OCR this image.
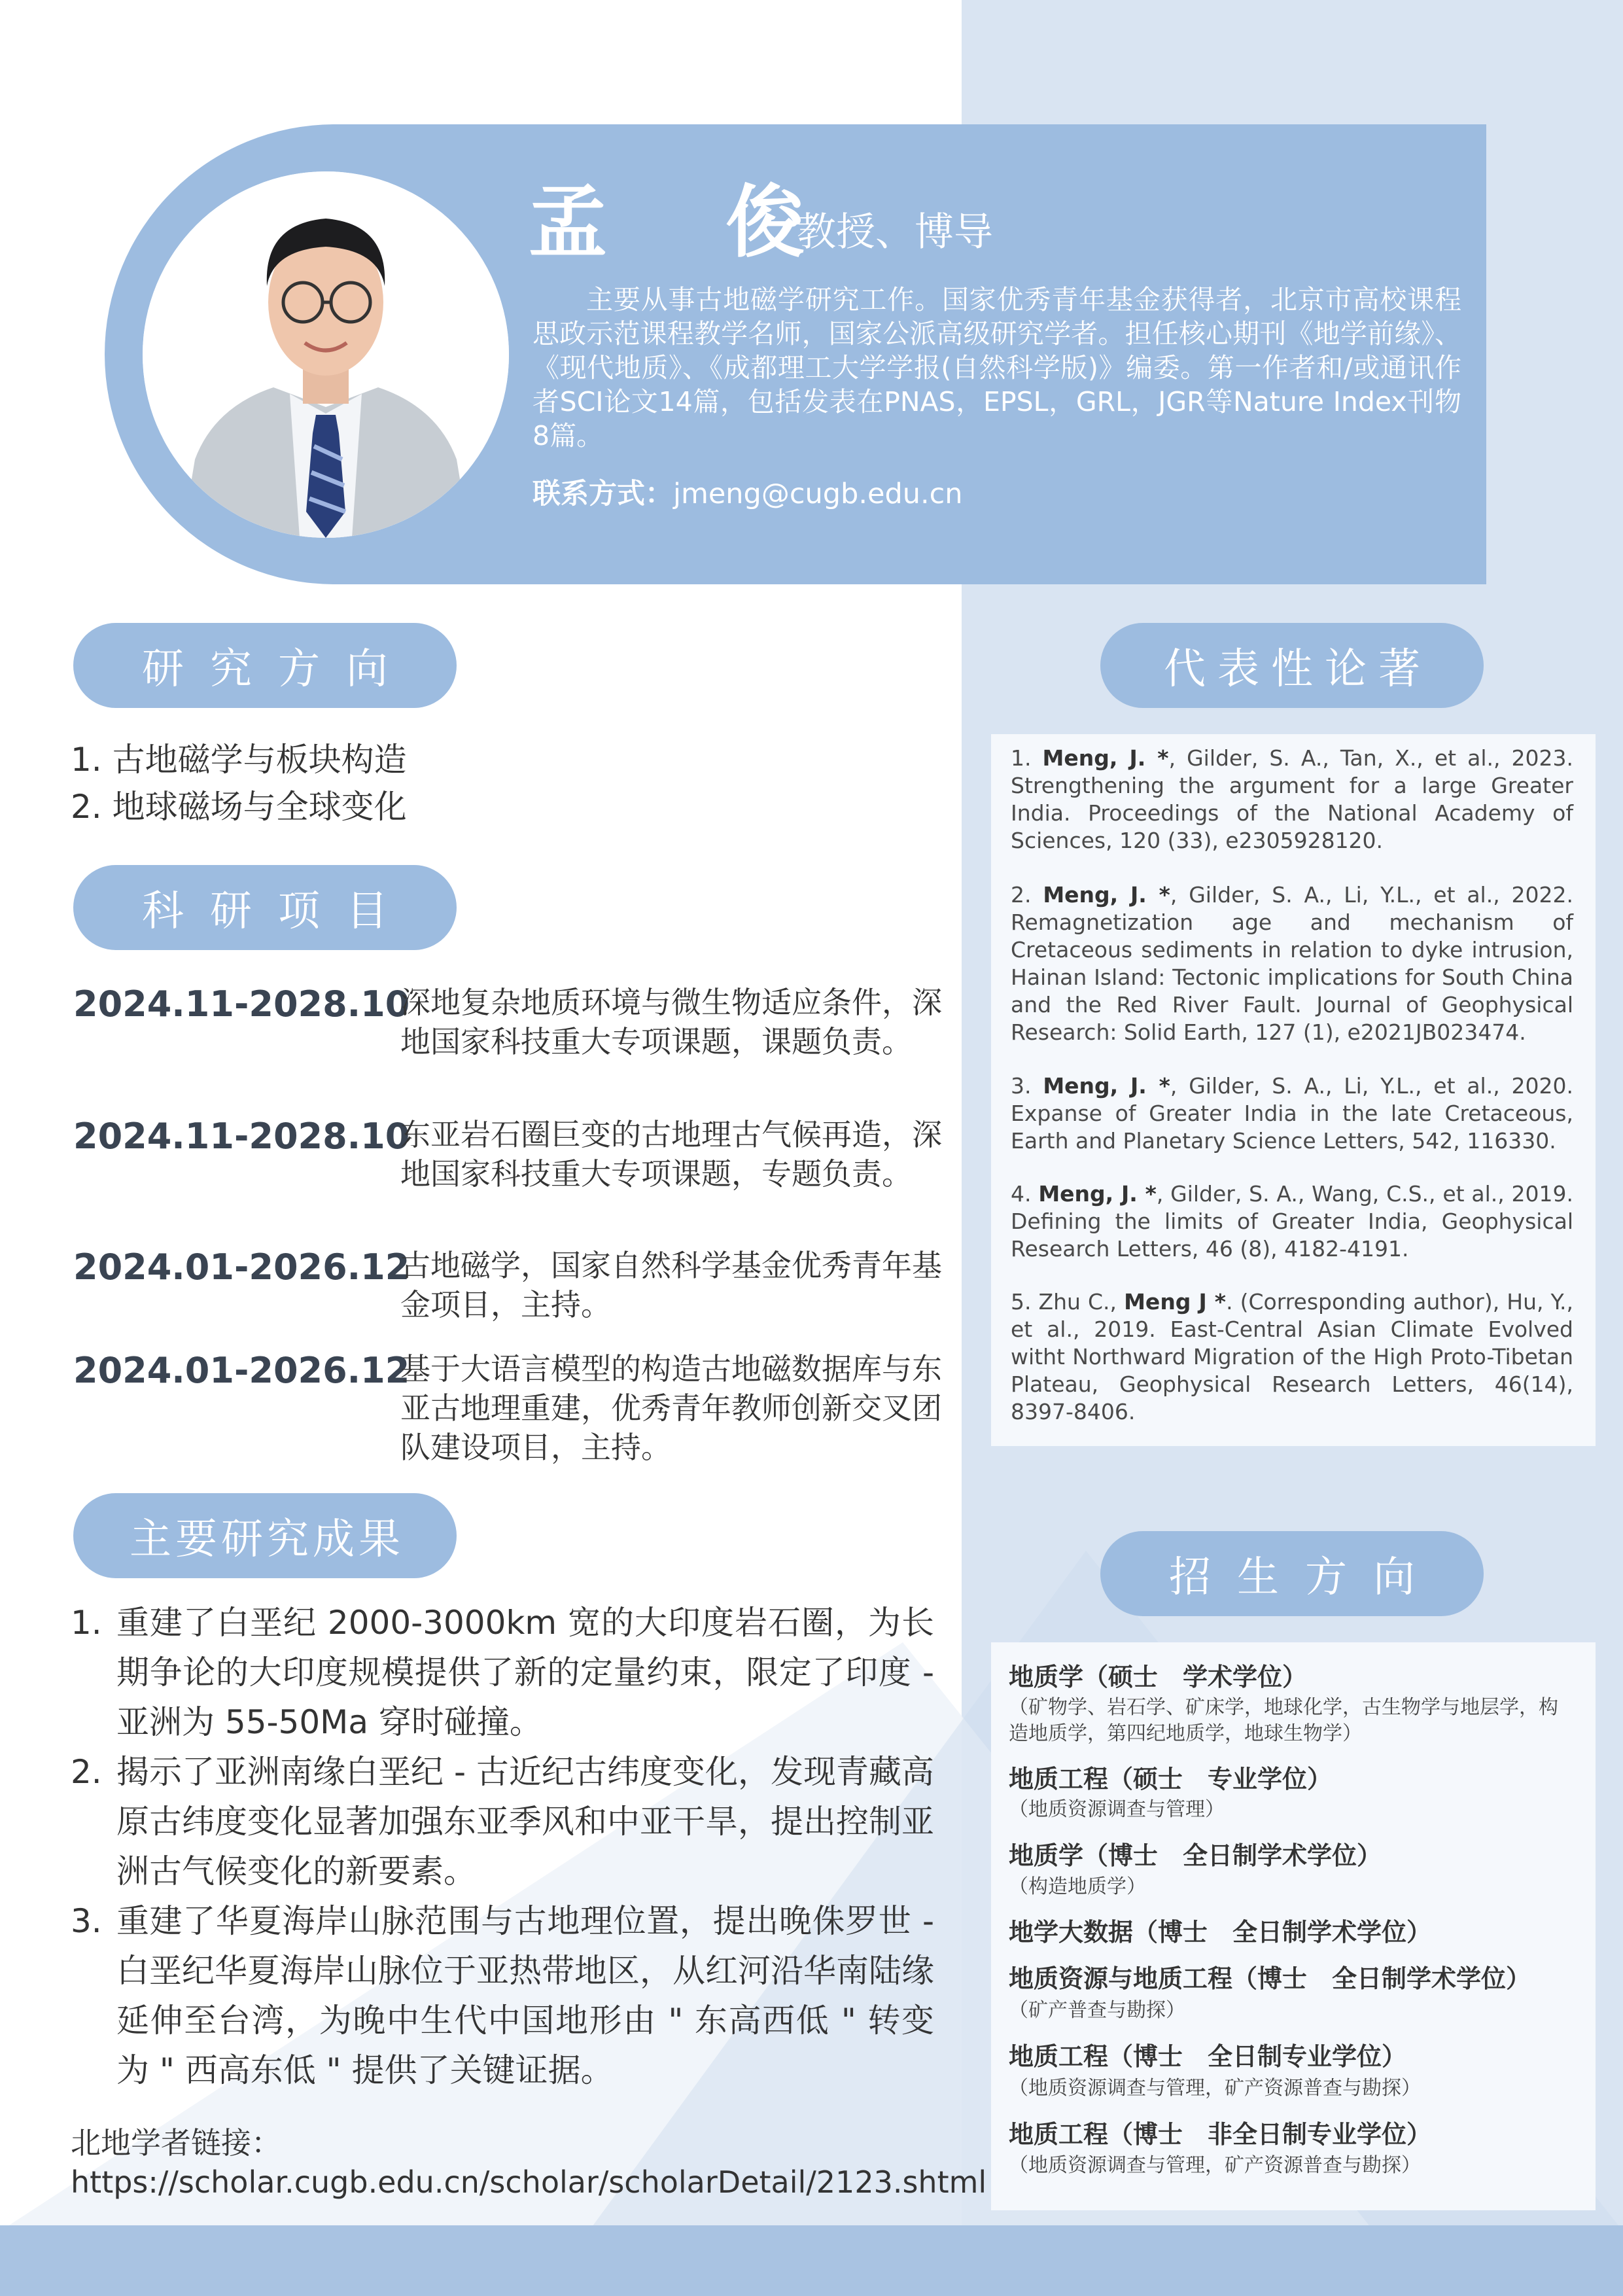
孟 俊
教授、博导
主要从事古地磁学研究工作。国家优秀青年基金获得者，北京市高校课程思政示范课程教学名师，国家公派高级研究学者。担任核心期刊《地学前缘》、《现代地质》、《成都理工大学学报(自然科学版)》编委。第一作者和/或通讯作者SCI论文14篇，包括发表在PNAS，EPSL，GRL，JGR等Nature Index刊物8篇。
联系方式：jmeng@cugb.edu.cn
研究方向
科研项目
主要研究成果
代表性论著
招生方向
1. 古地磁学与板块构造
2. 地球磁场与全球变化
2024.11-2028.10
深地复杂地质环境与微生物适应条件，深地国家科技重大专项课题，课题负责。
2024.11-2028.10
东亚岩石圈巨变的古地理古气候再造，深地国家科技重大专项课题，专题负责。
2024.01-2026.12
古地磁学，国家自然科学基金优秀青年基金项目，主持。
2024.01-2026.12
基于大语言模型的构造古地磁数据库与东亚古地理重建，优秀青年教师创新交叉团队建设项目，主持。
1. 重建了白垩纪 2000-3000km 宽的大印度岩石圈，为长期争论的大印度规模提供了新的定量约束，限定了印度 - 亚洲为 55-50Ma 穿时碰撞。
2. 揭示了亚洲南缘白垩纪 - 古近纪古纬度变化，发现青藏高原古纬度变化显著加强东亚季风和中亚干旱，提出控制亚洲古气候变化的新要素。
3. 重建了华夏海岸山脉范围与古地理位置，提出晚侏罗世 - 白垩纪华夏海岸山脉位于亚热带地区，从红河沿华南陆缘延伸至台湾，为晚中生代中国地形由 " 东高西低 " 转变为 " 西高东低 " 提供了关键证据。
北地学者链接：
https://scholar.cugb.edu.cn/scholar/scholarDetail/2123.shtml
1. Meng, J. *, Gilder, S. A., Tan, X., et al., 2023. Strengthening the argument for a large Greater India. Proceedings of the National Academy of Sciences, 120 (33), e2305928120.
2. Meng, J. *, Gilder, S. A., Li, Y.L., et al., 2022. Remagnetization age and mechanism of Cretaceous sediments in relation to dyke intrusion, Hainan Island: Tectonic implications for South China and the Red River Fault. Journal of Geophysical Research: Solid Earth, 127 (1), e2021JB023474.
3. Meng, J. *, Gilder, S. A., Li, Y.L., et al., 2020. Expanse of Greater India in the late Cretaceous, Earth and Planetary Science Letters, 542, 116330.
4. Meng, J. *, Gilder, S. A., Wang, C.S., et al., 2019. Defining the limits of Greater India, Geophysical Research Letters, 46 (8), 4182-4191.
5. Zhu C., Meng J *. (Corresponding author), Hu, Y., et al., 2019. East-Central Asian Climate Evolved witht Northward Migration of the High Proto-Tibetan Plateau, Geophysical Research Letters, 46(14), 8397-8406.
地质学（硕士　学术学位）
（矿物学、岩石学、矿床学，地球化学，古生物学与地层学，构造地质学，第四纪地质学，地球生物学）
地质工程（硕士　专业学位）
（地质资源调查与管理）
地质学（博士　全日制学术学位）
（构造地质学）
地学大数据（博士　全日制学术学位）
地质资源与地质工程（博士　全日制学术学位）
（矿产普查与勘探）
地质工程（博士　全日制专业学位）
（地质资源调查与管理，矿产资源普查与勘探）
地质工程（博士　非全日制专业学位）
（地质资源调查与管理，矿产资源普查与勘探）
